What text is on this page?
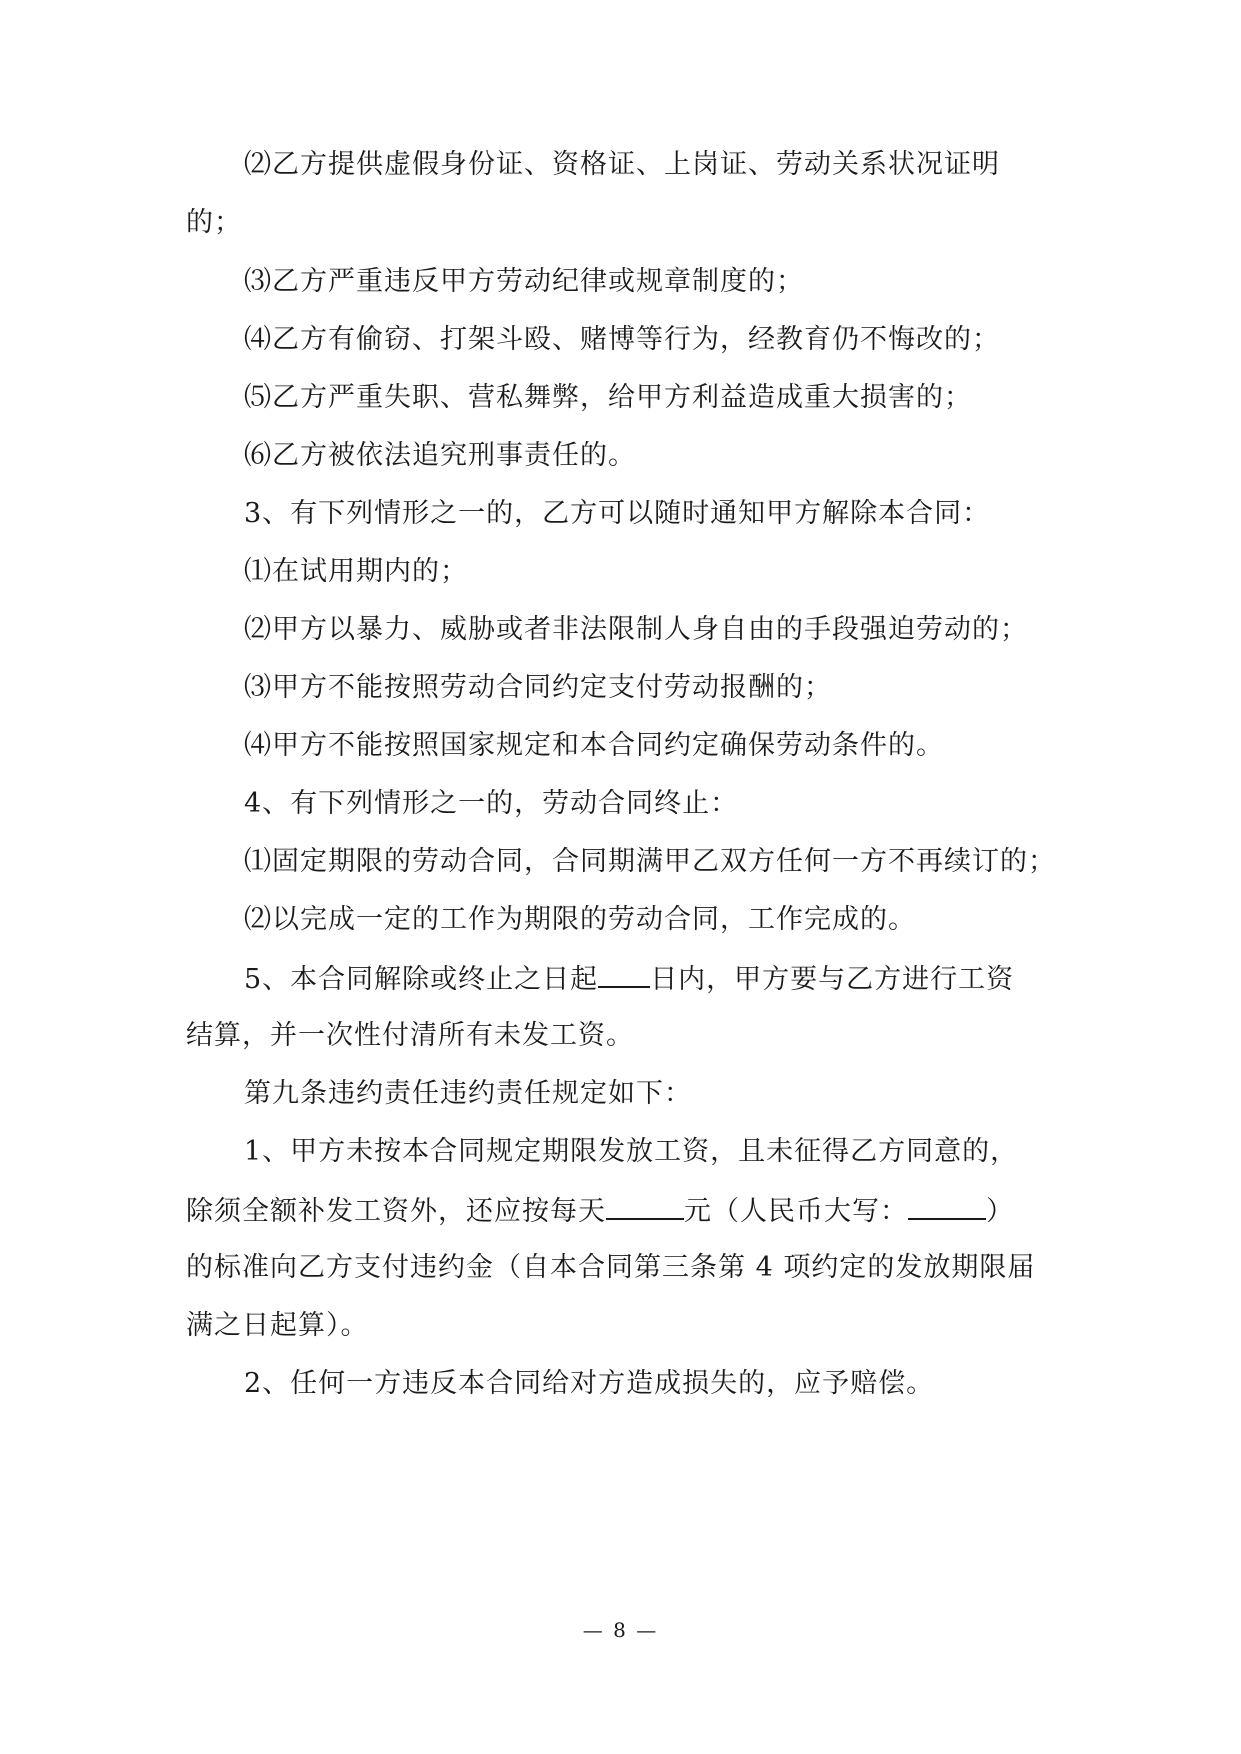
⑵乙方提供虚假身份证、资格证、上岗证、劳动关系状况证明
的；
⑶乙方严重违反甲方劳动纪律或规章制度的；
⑷乙方有偷窃、打架斗殴、赌博等行为，经教育仍不悔改的；
⑸乙方严重失职、营私舞弊，给甲方利益造成重大损害的；
⑹乙方被依法追究刑事责任的。
3、有下列情形之一的，乙方可以随时通知甲方解除本合同：
⑴在试用期内的；
⑵甲方以暴力、威胁或者非法限制人身自由的手段强迫劳动的；
⑶甲方不能按照劳动合同约定支付劳动报酬的；
⑷甲方不能按照国家规定和本合同约定确保劳动条件的。
4、有下列情形之一的，劳动合同终止：
⑴固定期限的劳动合同，合同期满甲乙双方任何一方不再续订的；
⑵以完成一定的工作为期限的劳动合同，工作完成的。
5、本合同解除或终止之日起 日内，甲方要与乙方进行工资
结算，并一次性付清所有未发工资。
第九条违约责任违约责任规定如下：
1、甲方未按本合同规定期限发放工资，且未征得乙方同意的，
除须全额补发工资外，还应按每天	元（人民币大写：	）
的标准向乙方支付违约金（自本合同第三条第 4 项约定的发放期限届
满之日起算）。
2、任何一方违反本合同给对方造成损失的，应予赔偿。
— 8 —
